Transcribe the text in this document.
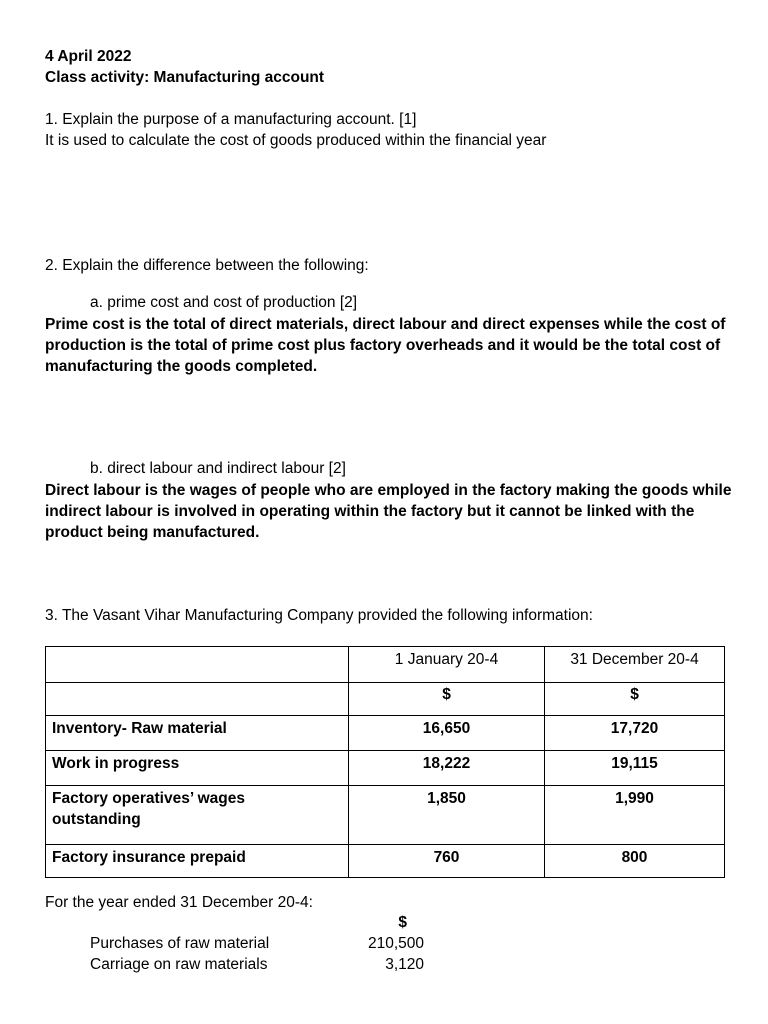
4 April 2022
Class activity: Manufacturing account
1. Explain the purpose of a manufacturing account. [1]
It is used to calculate the cost of goods produced within the financial year
2. Explain the difference between the following:
a. prime cost and cost of production [2]
Prime cost is the total of direct materials, direct labour and direct expenses while the cost of production is the total of prime cost plus factory overheads and it would be the total cost of manufacturing the goods completed.
b. direct labour and indirect labour [2]
Direct labour is the wages of people who are employed in the factory making the goods while indirect labour is involved in operating within the factory but it cannot be linked with the product being manufactured.
3. The Vasant Vihar Manufacturing Company provided the following information:
	1 January 20-4	31 December 20-4
	$	$
Inventory- Raw material	16,650	17,720
Work in progress	18,222	19,115
Factory operatives’ wages outstanding	1,850	1,990
Factory insurance prepaid	760	800
For the year ended 31 December 20-4:
$
Purchases of raw material	210,500
Carriage on raw materials	3,120
